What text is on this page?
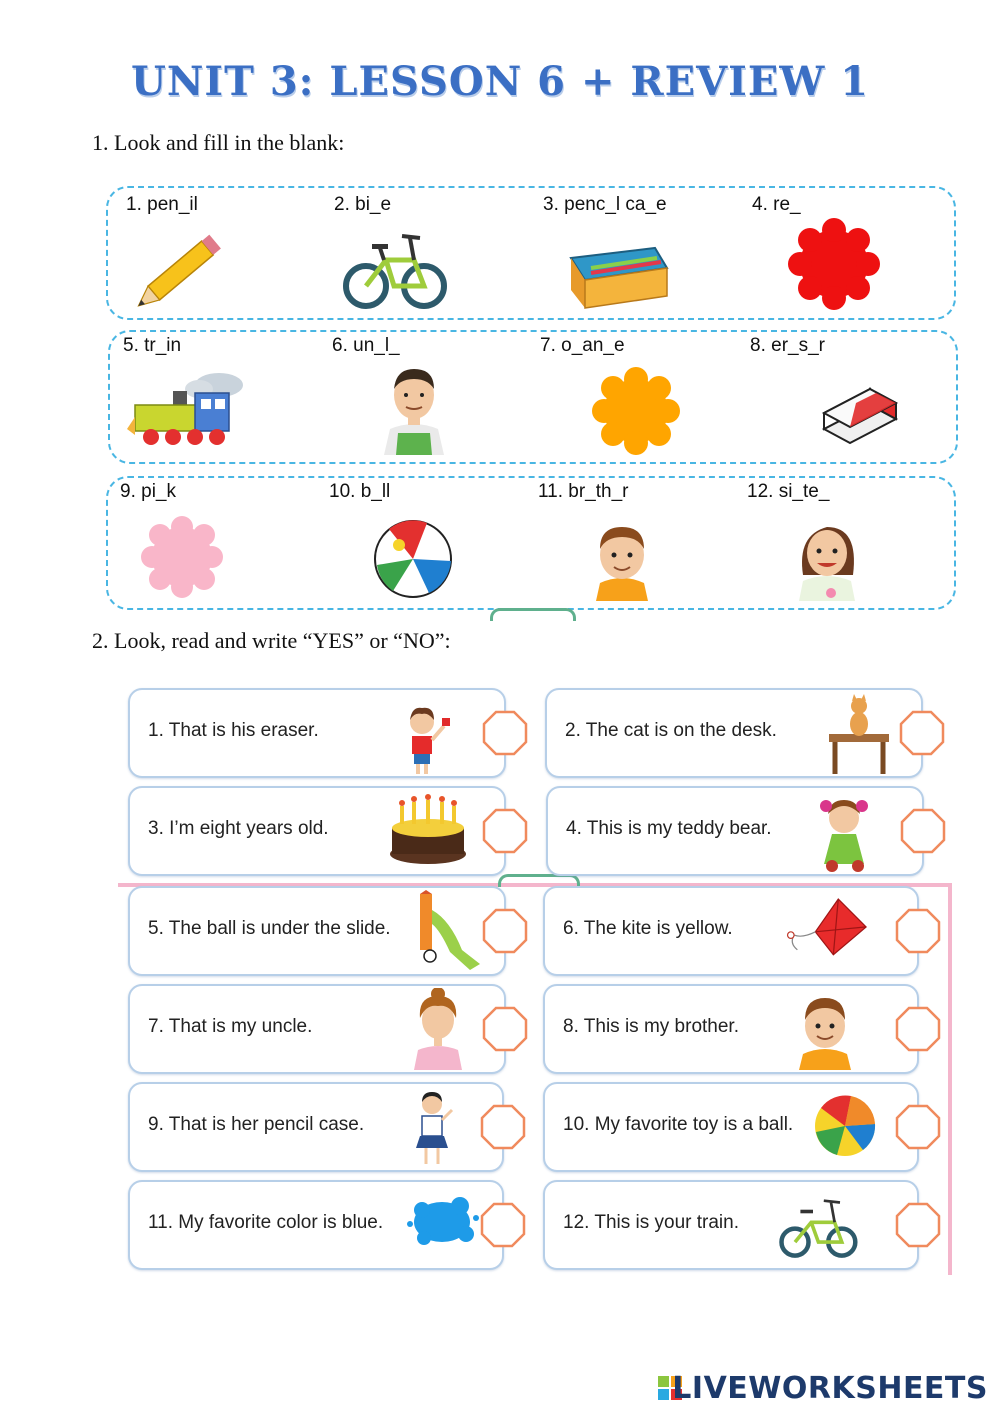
UNIT 3: LESSON 6 + REVIEW 1
1. Look and fill in the blank:
1. pen_il	2. bi_e	3. penc_l ca_e	4. re_
5. tr_in	6. un_l_	7. o_an_e	8. er_s_r
9. pi_k	10. b_ll	11. br_th_r	12. si_te_
2. Look, read and write “YES” or “NO”:
1. That is his eraser.	2. The cat is on the desk.
3. I’m eight years old.	4. This is my teddy bear.
5. The ball is under the slide.	6. The kite is yellow.
7. That is my uncle.	8. This is my brother.
9. That is her pencil case.	10. My favorite toy is a ball.
11. My favorite color is blue.	12. This is your train.
LIVEWORKSHEETS
